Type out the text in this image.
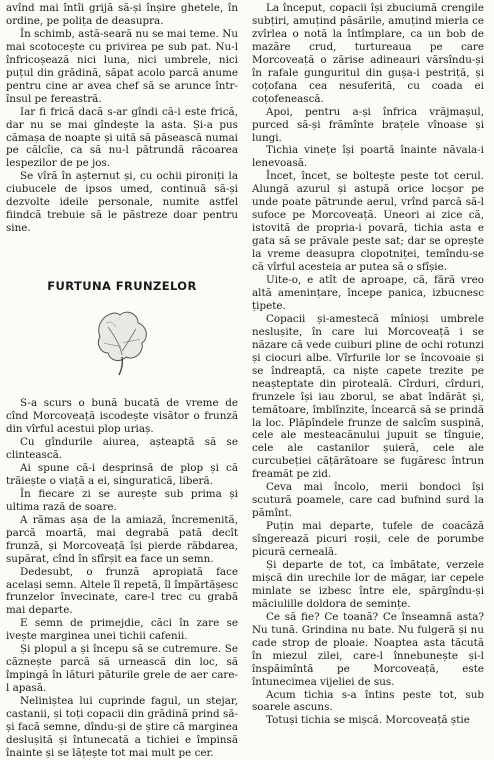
avînd mai întîi grijă să-și înșire ghetele, în ordine, pe polița de deasupra.

În schimb, astă-seară nu se mai teme. Nu mai scotocește cu privirea pe sub pat. Nu-l înfricoșează nici luna, nici umbrele, nici puțul din grădină, săpat acolo parcă anume pentru cine ar avea chef să se arunce într-însul pe fereastră.

Iar fi frică dacă s-ar gîndi că-i este frică, dar nu se mai gîndește la asta. Și-a pus cămașa de noapte și uită să păsească numai pe călcîie, ca să nu-l pătrundă răcoarea lespezilor de pe jos.

Se vîră în așternut și, cu ochii pironiți la ciubucele de ipsos umed, continuă să-și dezvolte ideile personale, numite astfel fiindcă trebuie să le păstreze doar pentru sine.

FURTUNA FRUNZELOR

S-a scurs o bună bucată de vreme de cînd Morcoveață iscodește visător o frunză din vîrful acestui plop uriaș.

Cu gîndurile aiurea, așteaptă să se clintească.

Ai spune că-i desprinsă de plop și că trăiește o viață a ei, singuratică, liberă.

În fiecare zi se aurește sub prima și ultima rază de soare.

A rămas așa de la amiază, încremenită, parcă moartă, mai degrabă pată decît frunză, și Morcoveață își pierde răbdarea, supărat, cînd în sfîrșit ea face un semn.

Dedesubt, o frunză apropiată face același semn. Altele îl repetă, îl împărtășesc frunzelor învecinate, care-l trec cu grabă mai departe.

E semn de primejdie, căci în zare se ivește marginea unei tichii cafenii.

Și plopul a și începu să se cutremure. Se căznește parcă să urnească din loc, să împingă în lături păturile grele de aer care-l apasă.

Nelinișteа lui cuprinde fagul, un stejar, castanii, și toți copacii din grădină prind să-și facă semne, dîndu-și de știre că marginea deslușită și întunecată a tichiei e împinsă înainte și se lățește tot mai mult pe cer.

La început, copacii își zbuciumă crengile subțiri, amuțind păsările, amuțind mierla ce zvîrlea o notă la întîmplare, ca un bob de mazăre crud, turtureaua pe care Morcoveață o zărise adineauri vărsîndu-și în rafale gunguritul din gușa-i pestriță, și coțofana cea nesuferită, cu coada ei coțofenească.

Apoi, pentru a-și înfrica vrăjmașul, purced să-și frămînte brațele vînoase și lungi.

Tichia vinețe își poartă înainte năvala-i lenevoasă.

Încet, încet, se boltește peste tot cerul. Alungă azurul și astupă orice locșor pe unde poate pătrunde aerul, vrînd parcă să-l sufoce pe Morcoveață. Uneori ai zice că, istovită de propria-i povară, tichia asta e gata să se prăvale peste sat; dar se oprește la vreme deasupra clopotniței, temîndu-se că vîrful acesteia ar putea să o sfîșie.

Uite-o, e atît de aproape, că, fără vreo altă amenințare, începe panica, izbucnesc țipete.

Copacii și-amestecă mînioși umbrele neslușite, în care lui Morcoveață i se năzare că vede cuiburi pline de ochi rotunzi și ciocuri albe. Vîrfurile lor se încovoaie și se îndreaptă, ca niște capete trezite pe neașteptate din piroteală. Cîrduri, cîrduri, frunzele își iau zborul, se abat îndărăt și, temătoare, îmblînzite, încearcă să se prindă la loc. Plăpîndele frunze de salcîm suspină, cele ale mesteacănului jupuit se tînguie, cele ale castanilor șuieră, cele ale curcubeției cățărătoare se fugăresc întrun freamăt pe zid.

Ceva mai încolo, merii bondoci își scutură poamele, care cad bufnind surd la pămînt.

Puțin mai departe, tufele de coacăză sîngerează picuri roșii, cele de porumbe picură cernealã.

Și departe de tot, ca îmbătate, verzele mișcă din urechile lor de măgar, iar cepele minlate se izbesc între ele, spărgîndu-și măciulille doldora de semințe.

Ce să fie? Ce toană? Ce înseamnă asta? Nu tună. Grindina nu bate. Nu fulgeră și nu cade strop de ploaie. Noaptea asta tăcută în miezul zilei, care-l înnebunește și-l înspăimîntă pe Morcoveață, este întunecimea vijeliei de sus.

Acum tichia s-a întins peste tot, sub soarele ascuns.

Totuși tichia se mișcă. Morcoveață știe
